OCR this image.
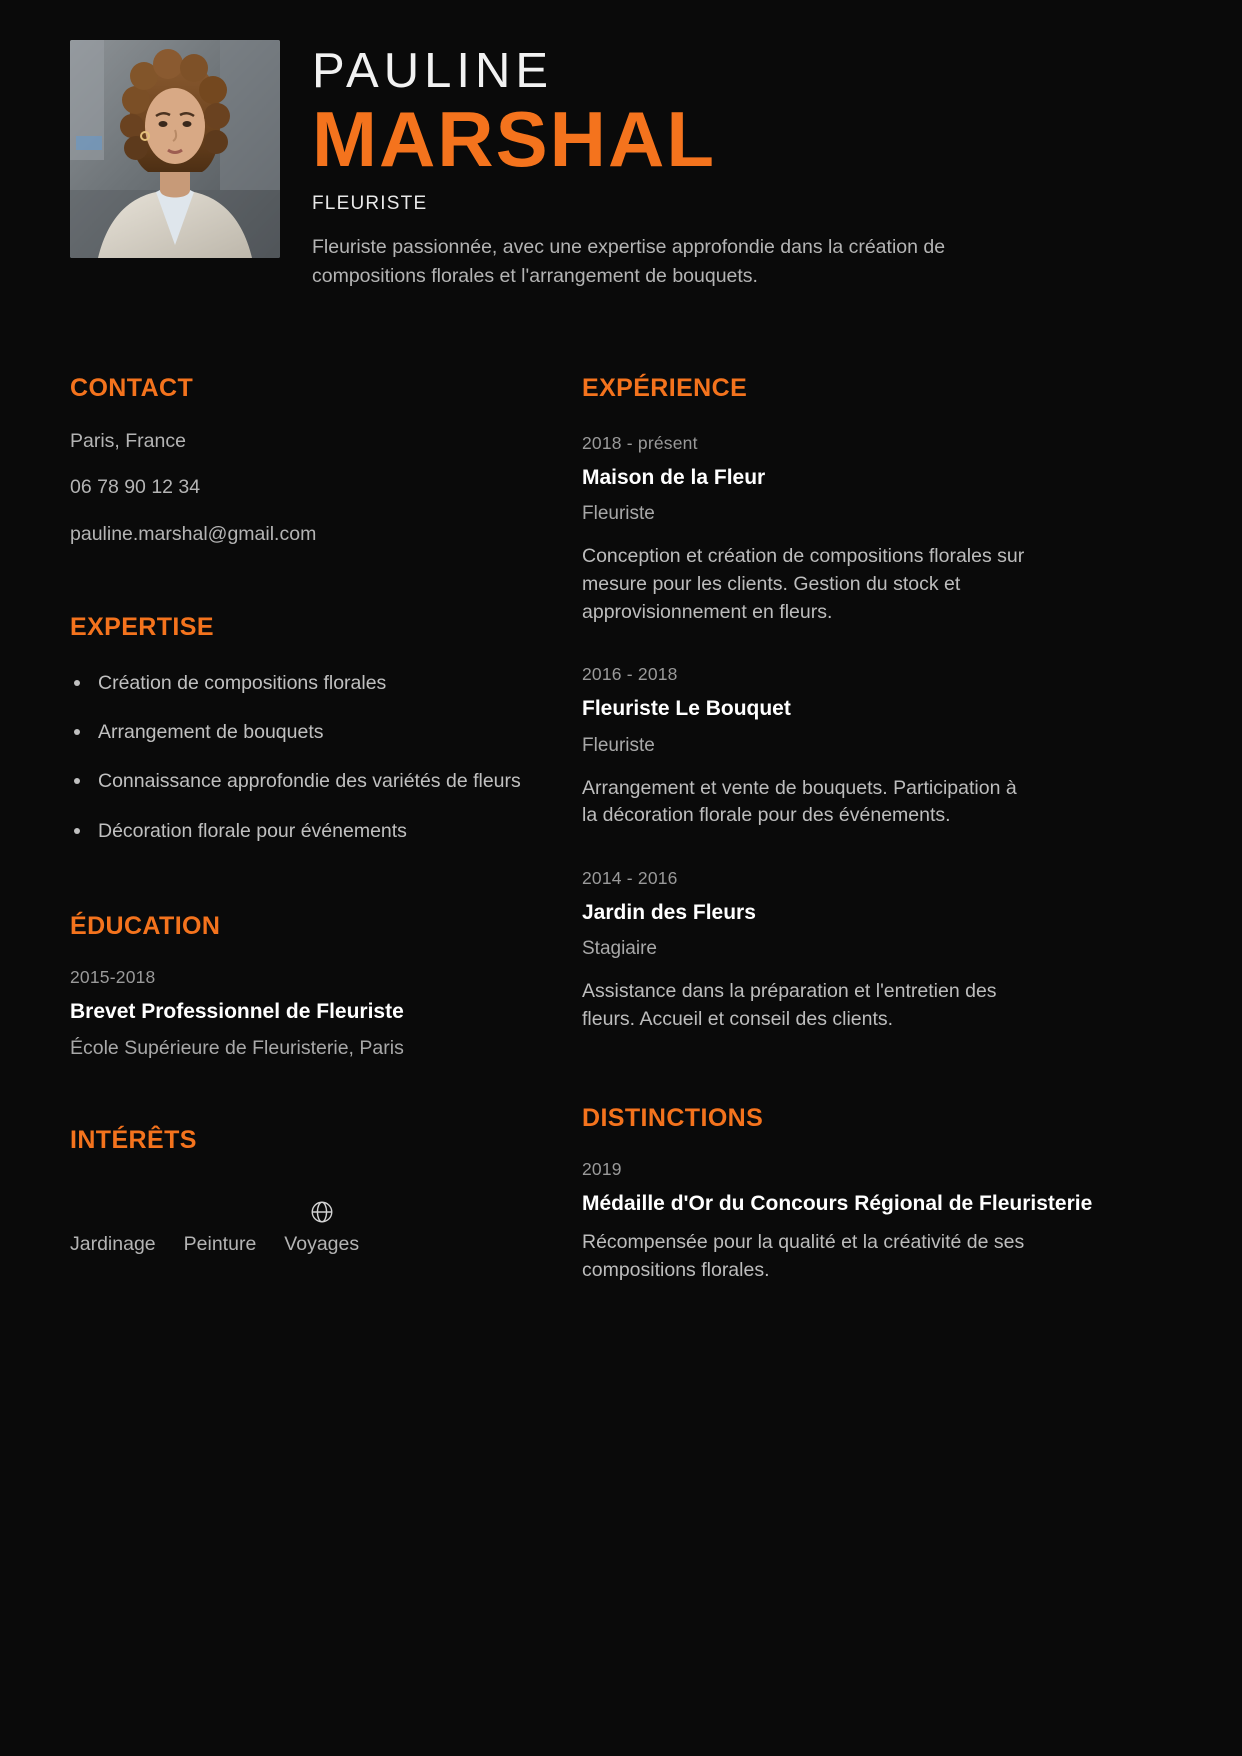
PAULINE
MARSHAL
FLEURISTE
Fleuriste passionnée, avec une expertise approfondie dans la création de compositions florales et l'arrangement de bouquets.
CONTACT
Paris, France
06 78 90 12 34
pauline.marshal@gmail.com
EXPERTISE
Création de compositions florales
Arrangement de bouquets
Connaissance approfondie des variétés de fleurs
Décoration florale pour événements
ÉDUCATION
2015-2018
Brevet Professionnel de Fleuriste
École Supérieure de Fleuristerie, Paris
INTÉRÊTS
Jardinage Peinture Voyages
EXPÉRIENCE
2018 - présent
Maison de la Fleur
Fleuriste
Conception et création de compositions florales sur mesure pour les clients. Gestion du stock et approvisionnement en fleurs.
2016 - 2018
Fleuriste Le Bouquet
Fleuriste
Arrangement et vente de bouquets. Participation à la décoration florale pour des événements.
2014 - 2016
Jardin des Fleurs
Stagiaire
Assistance dans la préparation et l'entretien des fleurs. Accueil et conseil des clients.
DISTINCTIONS
2019
Médaille d'Or du Concours Régional de Fleuristerie
Récompensée pour la qualité et la créativité de ses compositions florales.
